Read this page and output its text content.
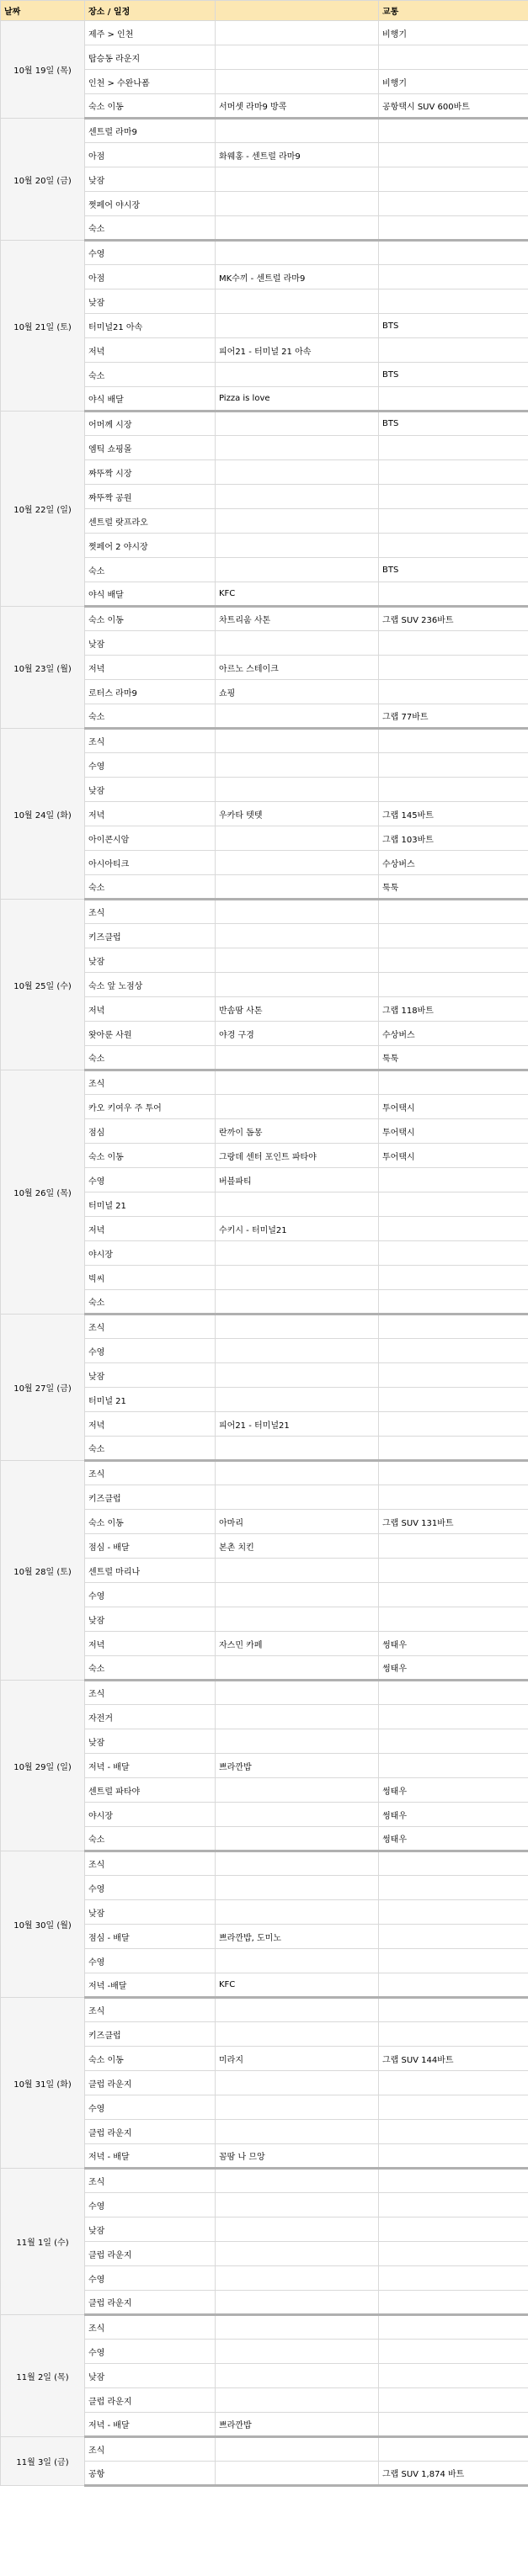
날짜	장소 / 일정		교통
10월 19일 (목)	제주 > 인천		비행기
	탑승동 라운지		
	인천 > 수완나폼		비행기
	숙소 이동	서머셋 라마9 방콕	공항택시 SUV 600바트
10월 20일 (금)	센트럴 라마9		
	아점	화웨홍 - 센트럴 라마9	
	낮잠		
	쩟페어 야시장		
	숙소		
10월 21일 (토)	수영		
	아점	MK수끼 - 센트럴 라마9	
	낮잠		
	터미널21 아속		BTS
	저녁	피어21 - 터미널 21 아속	
	숙소		BTS
	야식 배달	Pizza is love	
10월 22일 (일)	어머께 시장		BTS
	엠틱 쇼핑몰		
	짜뚜짝 시장		
	짜뚜짝 공원		
	센트럴 랏프라오		
	쩟페어 2 야시장		
	숙소		BTS
	야식 배달	KFC	
10월 23일 (월)	숙소 이동	차트리움 사톤	그랩 SUV 236바트
	낮잠		
	저녁	아르노 스테이크	
	로터스 라마9	쇼핑	
	숙소		그랩 77바트
10월 24일 (화)	조식		
	수영		
	낮잠		
	저녁	우카타 텟텟	그랩 145바트
	아이콘시암		그랩 103바트
	아시아티크		수상버스
	숙소		툭툭
10월 25일 (수)	조식		
	키즈클럽		
	낮잠		
	숙소 앞 노점상		
	저녁	반솜땀 사톤	그랩 118바트
	왓아룬 사원	야경 구경	수상버스
	숙소		툭툭
10월 26일 (목)	조식		
	카오 키여우 주 투어		투어택시
	점심	란까이 돔몽	투어택시
	숙소 이동	그랑데 센터 포인트 파타야	투어택시
	수영	버블파티	
	터미널 21		
	저녁	수키시 - 터미널21	
	야시장		
	빅씨		
	숙소		
10월 27일 (금)	조식		
	수영		
	낮잠		
	터미널 21		
	저녁	피어21 - 터미널21	
	숙소		
10월 28일 (토)	조식		
	키즈클럽		
	숙소 이동	아마리	그랩 SUV 131바트
	점심 - 배달	본촌 치킨	
	센트럴 마리나		
	수영		
	낮잠		
	저녁	자스민 카페	썽태우
	숙소		썽태우
10월 29일 (일)	조식		
	자전거		
	낮잠		
	저녁 - 배달	쁘라깐밥	
	센트럴 파타야		썽태우
	야시장		썽태우
	숙소		썽태우
10월 30일 (월)	조식		
	수영		
	낮잠		
	점심 - 배달	쁘라깐밥, 도미노	
	수영		
	저녁 -배달	KFC	
10월 31일 (화)	조식		
	키즈클럽		
	숙소 이동	미라지	그랩 SUV 144바트
	클럽 라운지		
	수영		
	클럽 라운지		
	저녁 - 배달	꼼땀 나 므앙	
11월 1일 (수)	조식		
	수영		
	낮잠		
	클럽 라운지		
	수영		
	클럽 라운지		
11월 2일 (목)	조식		
	수영		
	낮잠		
	클럽 라운지		
	저녁 - 배달	쁘라깐밥	
11월 3일 (금)	조식		
	공항		그랩 SUV 1,874 바트
